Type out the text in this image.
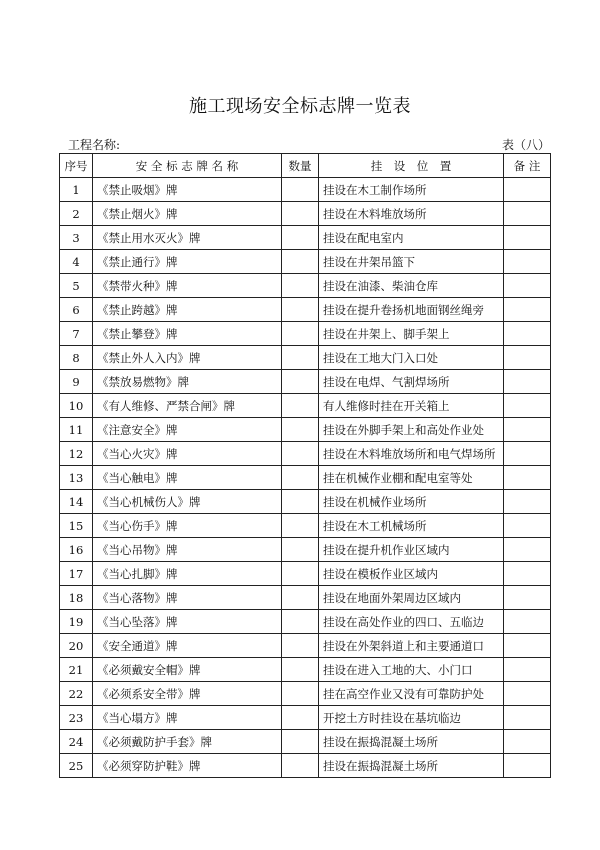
施工现场安全标志牌一览表
工程名称:	表（八）
序号	安 全 标 志 牌 名 称	数量	挂　设　位　置	备 注
1	《禁止吸烟》牌		挂设在木工制作场所	
2	《禁止烟火》牌		挂设在木料堆放场所	
3	《禁止用水灭火》牌		挂设在配电室内	
4	《禁止通行》牌		挂设在井架吊篮下	
5	《禁带火种》牌		挂设在油漆、柴油仓库	
6	《禁止跨越》牌		挂设在提升卷扬机地面钢丝绳旁	
7	《禁止攀登》牌		挂设在井架上、脚手架上	
8	《禁止外人入内》牌		挂设在工地大门入口处	
9	《禁放易燃物》牌		挂设在电焊、气割焊场所	
10	《有人维修、严禁合闸》牌		有人维修时挂在开关箱上	
11	《注意安全》牌		挂设在外脚手架上和高处作业处	
12	《当心火灾》牌		挂设在木料堆放场所和电气焊场所	
13	《当心触电》牌		挂在机械作业棚和配电室等处	
14	《当心机械伤人》牌		挂设在机械作业场所	
15	《当心伤手》牌		挂设在木工机械场所	
16	《当心吊物》牌		挂设在提升机作业区域内	
17	《当心扎脚》牌		挂设在模板作业区域内	
18	《当心落物》牌		挂设在地面外架周边区域内	
19	《当心坠落》牌		挂设在高处作业的四口、五临边	
20	《安全通道》牌		挂设在外架斜道上和主要通道口	
21	《必须戴安全帽》牌		挂设在进入工地的大、小门口	
22	《必须系安全带》牌		挂在高空作业又没有可靠防护处	
23	《当心塌方》牌		开挖土方时挂设在基坑临边	
24	《必须戴防护手套》牌		挂设在振捣混凝土场所	
25	《必须穿防护鞋》牌		挂设在振捣混凝土场所	
